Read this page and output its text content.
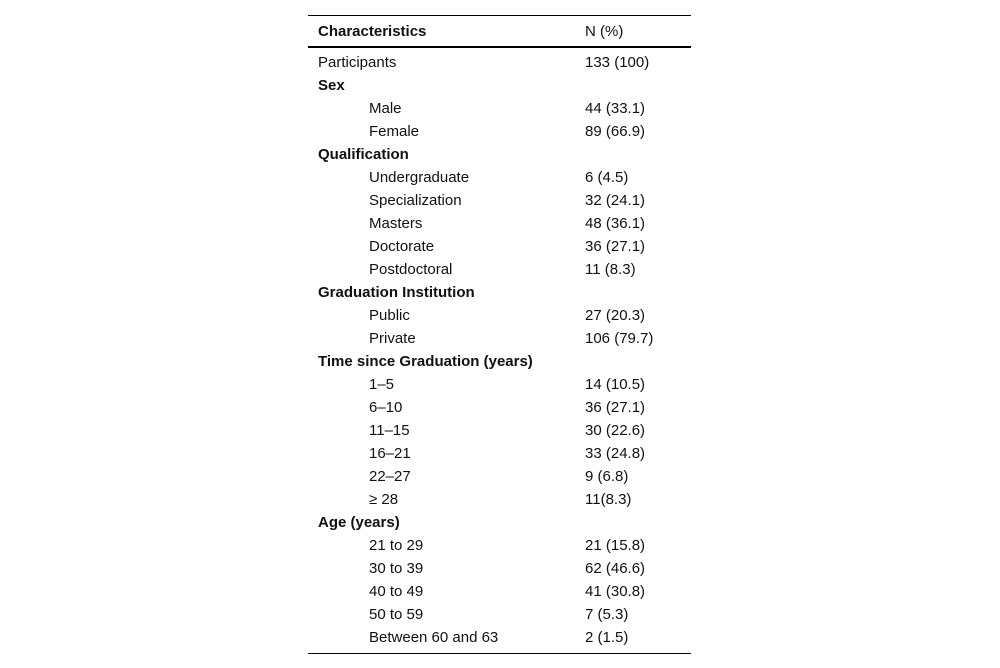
Characteristics	N (%)
Participants	133 (100)
Sex	
Male	44 (33.1)
Female	89 (66.9)
Qualification	
Undergraduate	6 (4.5)
Specialization	32 (24.1)
Masters	48 (36.1)
Doctorate	36 (27.1)
Postdoctoral	11 (8.3)
Graduation Institution	
Public	27 (20.3)
Private	106 (79.7)
Time since Graduation (years)	
1–5	14 (10.5)
6–10	36 (27.1)
11–15	30 (22.6)
16–21	33 (24.8)
22–27	9 (6.8)
≥ 28	11(8.3)
Age (years)	
21 to 29	21 (15.8)
30 to 39	62 (46.6)
40 to 49	41 (30.8)
50 to 59	7 (5.3)
Between 60 and 63	2 (1.5)
